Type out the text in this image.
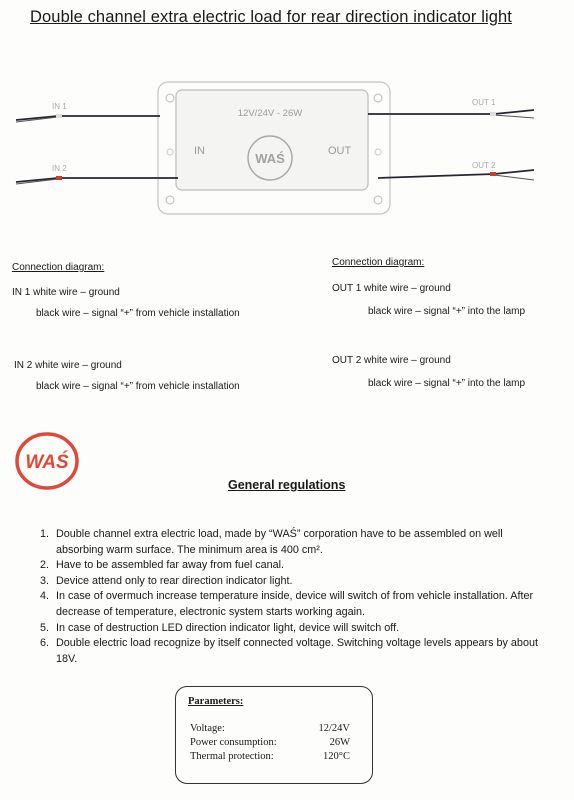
Double channel extra electric load for rear direction indicator light
12V/24V - 26W
IN	OUT
WAŚ
IN 1
IN 2
OUT 1
OUT 2
Connection diagram:
IN 1 white wire – ground
black wire – signal “+” from vehicle installation
IN 2 white wire – ground
black wire – signal “+” from vehicle installation
Connection diagram:
OUT 1 white wire – ground
black wire – signal “+” into the lamp
OUT 2 white wire – ground
black wire – signal “+” into the lamp
WAŚ
General regulations
1. Double channel extra electric load, made by “WAŚ” corporation have to be assembled on well absorbing warm surface. The minimum area is 400 cm².
2. Have to be assembled far away from fuel canal.
3. Device attend only to rear direction indicator light.
4. In case of overmuch increase temperature inside, device will switch of from vehicle installation. After decrease of temperature, electronic system starts working again.
5. In case of destruction LED direction indicator light, device will switch off.
6. Double electric load recognize by itself connected voltage. Switching voltage levels appears by about 18V.
Parameters:
Voltage:	12/24V
Power consumption:	26W
Thermal protection:	120°C
